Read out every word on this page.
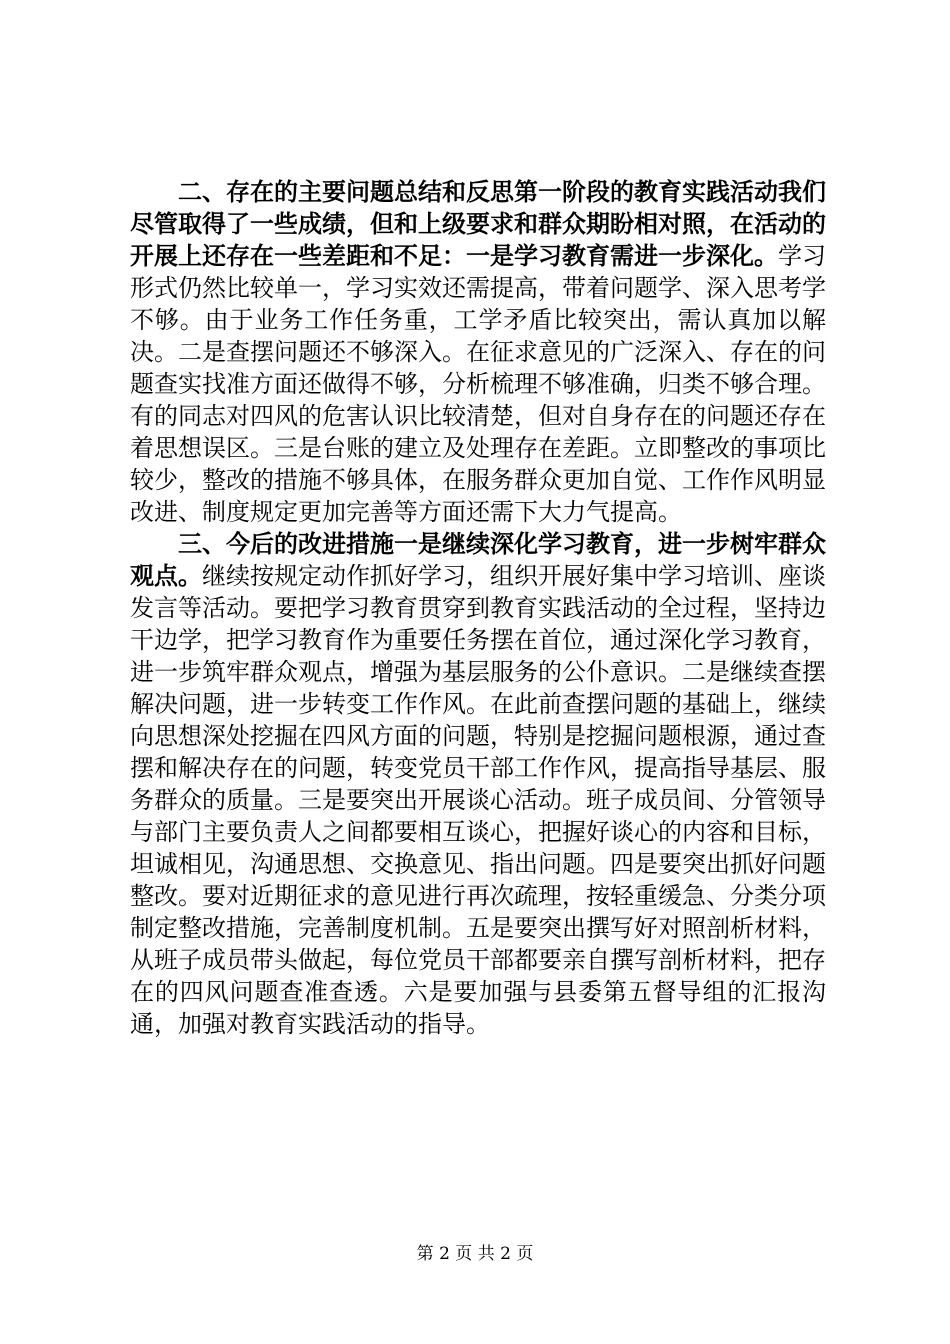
二、存在的主要问题总结和反思第一阶段的教育实践活动我们尽管取得了一些成绩，但和上级要求和群众期盼相对照，在活动的开展上还存在一些差距和不足：一是学习教育需进一步深化。学习形式仍然比较单一，学习实效还需提高，带着问题学、深入思考学不够。由于业务工作任务重，工学矛盾比较突出，需认真加以解决。二是查摆问题还不够深入。在征求意见的广泛深入、存在的问题查实找准方面还做得不够，分析梳理不够准确，归类不够合理。有的同志对四风的危害认识比较清楚，但对自身存在的问题还存在着思想误区。三是台账的建立及处理存在差距。立即整改的事项比较少，整改的措施不够具体，在服务群众更加自觉、工作作风明显改进、制度规定更加完善等方面还需下大力气提高。

三、今后的改进措施一是继续深化学习教育，进一步树牢群众观点。继续按规定动作抓好学习，组织开展好集中学习培训、座谈发言等活动。要把学习教育贯穿到教育实践活动的全过程，坚持边干边学，把学习教育作为重要任务摆在首位，通过深化学习教育，进一步筑牢群众观点，增强为基层服务的公仆意识。二是继续查摆解决问题，进一步转变工作作风。在此前查摆问题的基础上，继续向思想深处挖掘在四风方面的问题，特别是挖掘问题根源，通过查摆和解决存在的问题，转变党员干部工作作风，提高指导基层、服务群众的质量。三是要突出开展谈心活动。班子成员间、分管领导与部门主要负责人之间都要相互谈心，把握好谈心的内容和目标，坦诚相见，沟通思想、交换意见、指出问题。四是要突出抓好问题整改。要对近期征求的意见进行再次疏理，按轻重缓急、分类分项制定整改措施，完善制度机制。五是要突出撰写好对照剖析材料，从班子成员带头做起，每位党员干部都要亲自撰写剖析材料，把存在的四风问题查准查透。六是要加强与县委第五督导组的汇报沟通，加强对教育实践活动的指导。

第 2 页 共 2 页
